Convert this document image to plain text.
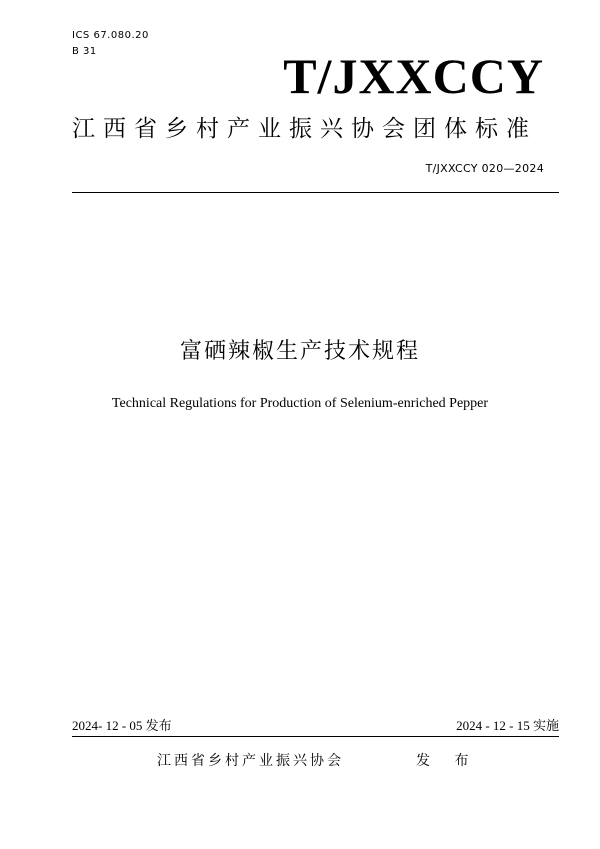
ICS 67.080.20
B 31	T/JXXCCY
江西省乡村产业振兴协会团体标准
T/JXXCCY 020—2024
富硒辣椒生产技术规程
Technical Regulations for Production of Selenium-enriched Pepper
2024- 12 - 05 发布	2024 - 12 - 15 实施
江西省乡村产业振兴协会	发 布
